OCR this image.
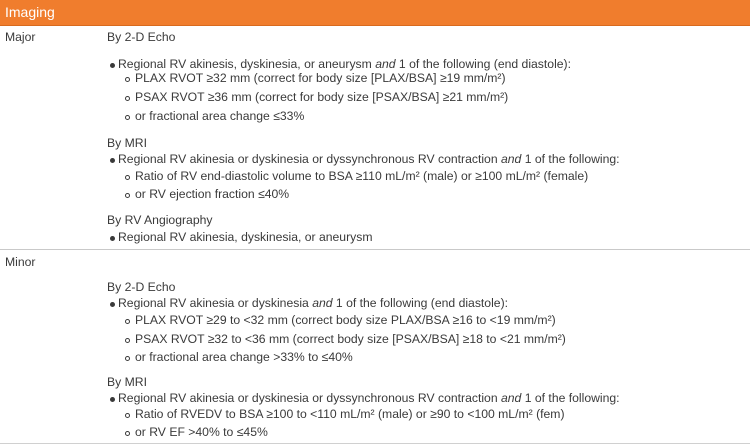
Imaging
Major	By 2-D Echo
Regional RV akinesis, dyskinesia, or aneurysm and 1 of the following (end diastole):
PLAX RVOT ≥32 mm (correct for body size [PLAX/BSA] ≥19 mm/m²)
PSAX RVOT ≥36 mm (correct for body size [PSAX/BSA] ≥21 mm/m²)
or fractional area change ≤33%
By MRI
Regional RV akinesia or dyskinesia or dyssynchronous RV contraction and 1 of the following:
Ratio of RV end-diastolic volume to BSA ≥110 mL/m² (male) or ≥100 mL/m² (female)
or RV ejection fraction ≤40%
By RV Angiography
Regional RV akinesia, dyskinesia, or aneurysm
Minor
By 2-D Echo
Regional RV akinesia or dyskinesia and 1 of the following (end diastole):
PLAX RVOT ≥29 to <32 mm (correct body size PLAX/BSA ≥16 to <19 mm/m²)
PSAX RVOT ≥32 to <36 mm (correct body size [PSAX/BSA] ≥18 to <21 mm/m²)
or fractional area change >33% to ≤40%
By MRI
Regional RV akinesia or dyskinesia or dyssynchronous RV contraction and 1 of the following:
Ratio of RVEDV to BSA ≥100 to <110 mL/m² (male) or ≥90 to <100 mL/m² (fem)
or RV EF >40% to ≤45%
